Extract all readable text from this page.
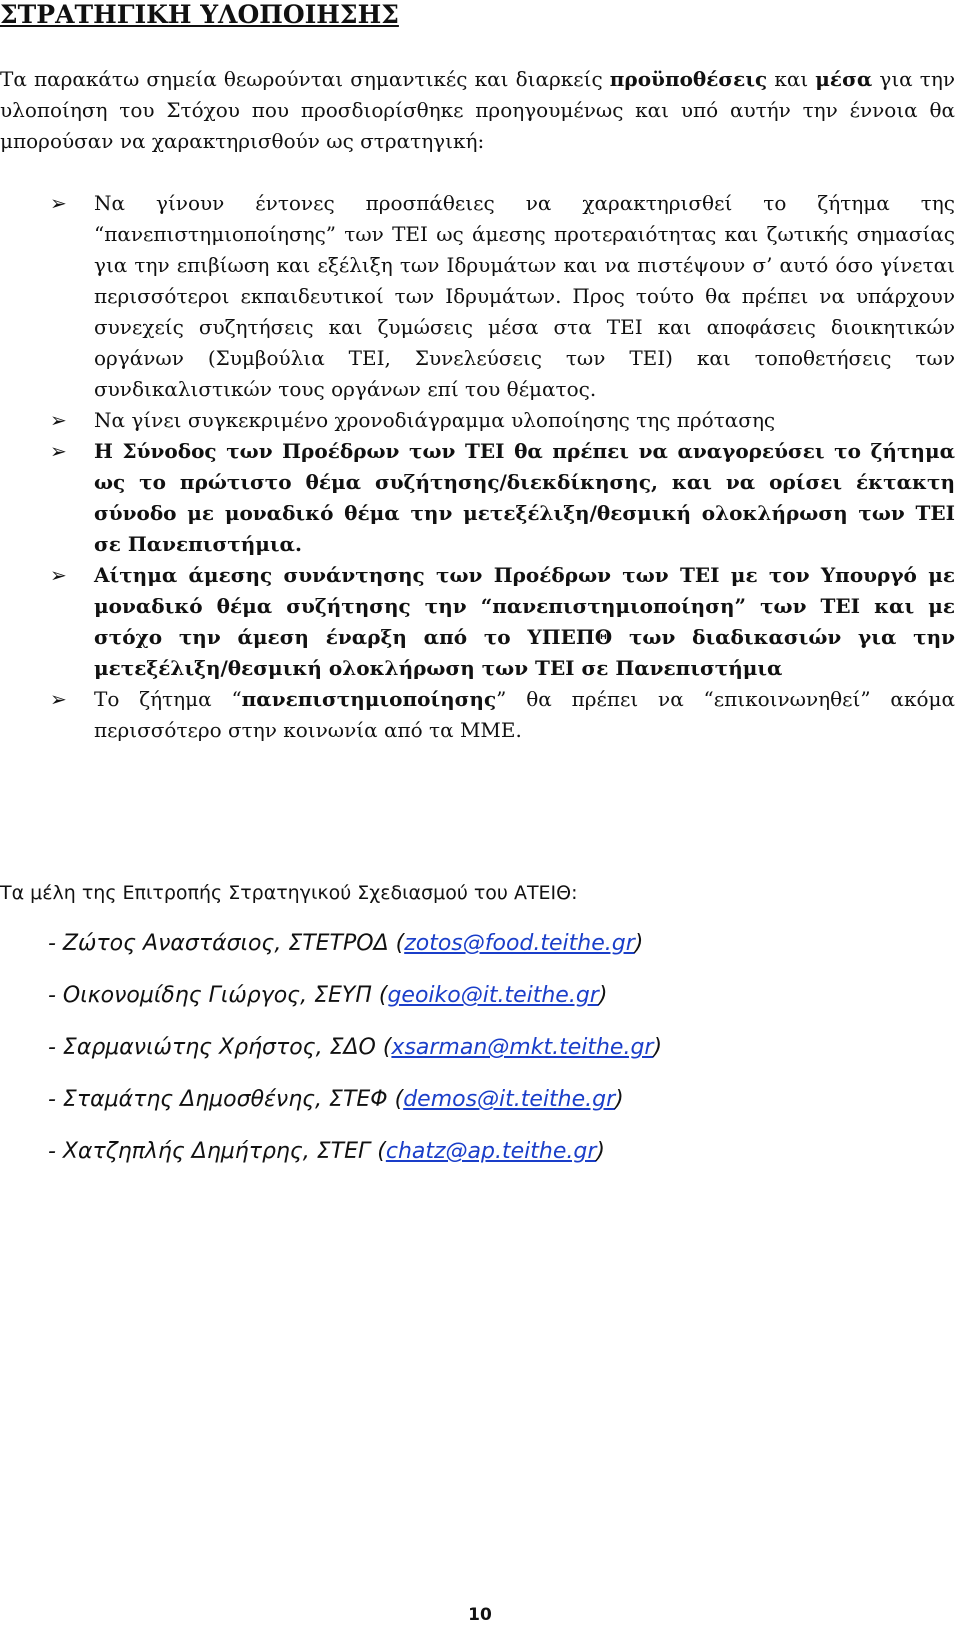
ΣΤΡΑΤΗΓΙΚΗ ΥΛΟΠΟΙΗΣΗΣ

Τα παρακάτω σημεία θεωρούνται σημαντικές και διαρκείς προϋποθέσεις και μέσα για την υλοποίηση του Στόχου που προσδιορίσθηκε προηγουμένως και υπό αυτήν την έννοια θα μπορούσαν να χαρακτηρισθούν ως στρατηγική:

➢ Να γίνουν έντονες προσπάθειες να χαρακτηρισθεί το ζήτημα της “πανεπιστημιοποίησης” των ΤΕΙ ως άμεσης προτεραιότητας και ζωτικής σημασίας για την επιβίωση και εξέλιξη των Ιδρυμάτων και να πιστέψουν σ’ αυτό όσο γίνεται περισσότεροι εκπαιδευτικοί των Ιδρυμάτων. Προς τούτο θα πρέπει να υπάρχουν συνεχείς συζητήσεις και ζυμώσεις μέσα στα ΤΕΙ και αποφάσεις διοικητικών οργάνων (Συμβούλια ΤΕΙ, Συνελεύσεις των ΤΕΙ) και τοποθετήσεις των συνδικαλιστικών τους οργάνων επί του θέματος.
➢ Να γίνει συγκεκριμένο χρονοδιάγραμμα υλοποίησης της πρότασης
➢ Η Σύνοδος των Προέδρων των ΤΕΙ θα πρέπει να αναγορεύσει το ζήτημα ως το πρώτιστο θέμα συζήτησης/διεκδίκησης, και να ορίσει έκτακτη σύνοδο με μοναδικό θέμα την μετεξέλιξη/θεσμική ολοκλήρωση των ΤΕΙ σε Πανεπιστήμια.
➢ Αίτημα άμεσης συνάντησης των Προέδρων των ΤΕΙ με τον Υπουργό με μοναδικό θέμα συζήτησης την “πανεπιστημιοποίηση” των ΤΕΙ και με στόχο την άμεση έναρξη από το ΥΠΕΠΘ των διαδικασιών για την μετεξέλιξη/θεσμική ολοκλήρωση των ΤΕΙ σε Πανεπιστήμια
➢ Το ζήτημα “πανεπιστημιοποίησης” θα πρέπει να “επικοινωνηθεί” ακόμα περισσότερο στην κοινωνία από τα ΜΜΕ.
Τα μέλη της Επιτροπής Στρατηγικού Σχεδιασμού του ΑΤΕΙΘ:
- Ζώτος Αναστάσιος, ΣΤΕΤΡΟΔ (zotos@food.teithe.gr)
- Οικονομίδης Γιώργος, ΣΕΥΠ (geoiko@it.teithe.gr)
- Σαρμανιώτης Χρήστος, ΣΔΟ (xsarman@mkt.teithe.gr)
- Σταμάτης Δημοσθένης, ΣΤΕΦ (demos@it.teithe.gr)
- Χατζηπλής Δημήτρης, ΣΤΕΓ (chatz@ap.teithe.gr)
10
